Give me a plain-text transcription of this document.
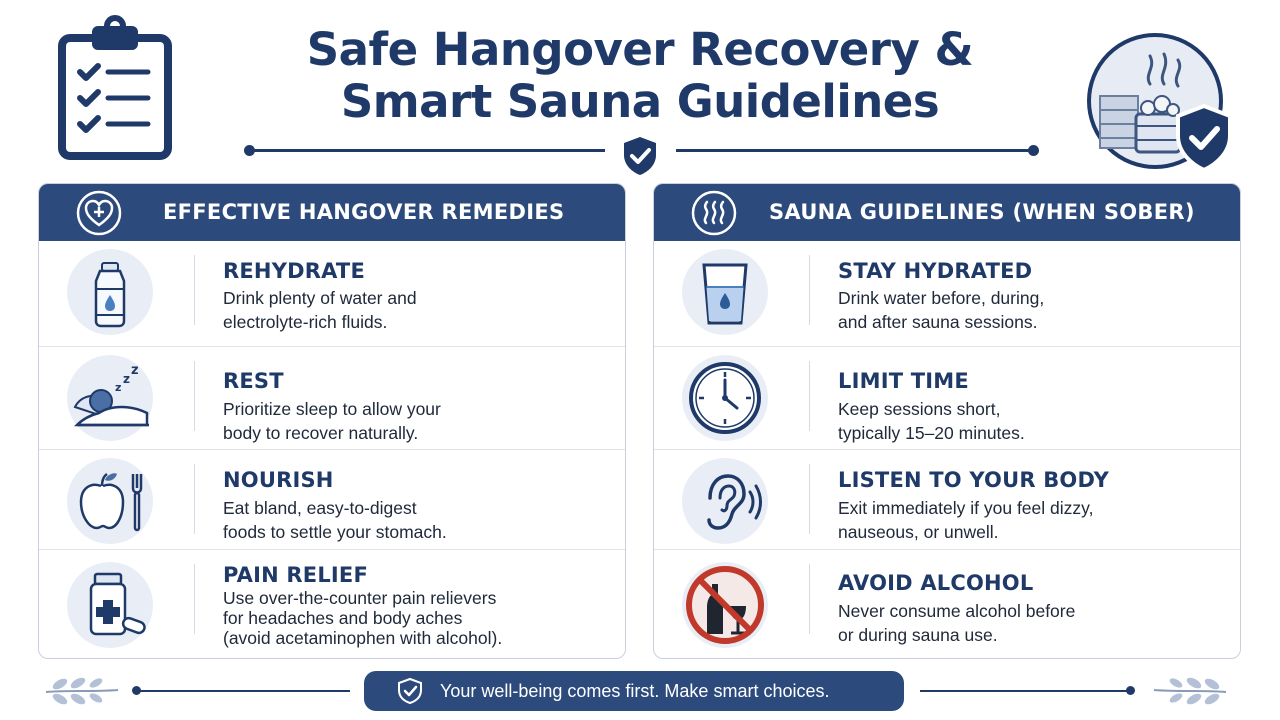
Safe Hangover Recovery &
Smart Sauna Guidelines
EFFECTIVE HANGOVER REMEDIES
REHYDRATE
Drink plenty of water and
electrolyte-rich fluids.
z
z
z	REST
Prioritize sleep to allow your
body to recover naturally.
NOURISH
Eat bland, easy-to-digest
foods to settle your stomach.
PAIN RELIEF
Use over-the-counter pain relievers
for headaches and body aches
(avoid acetaminophen with alcohol).
SAUNA GUIDELINES (WHEN SOBER)
STAY HYDRATED
Drink water before, during,
and after sauna sessions.
LIMIT TIME
Keep sessions short,
typically 15–20 minutes.
LISTEN TO YOUR BODY
Exit immediately if you feel dizzy,
nauseous, or unwell.
AVOID ALCOHOL
Never consume alcohol before
or during sauna use.
Your well-being comes first. Make smart choices.
